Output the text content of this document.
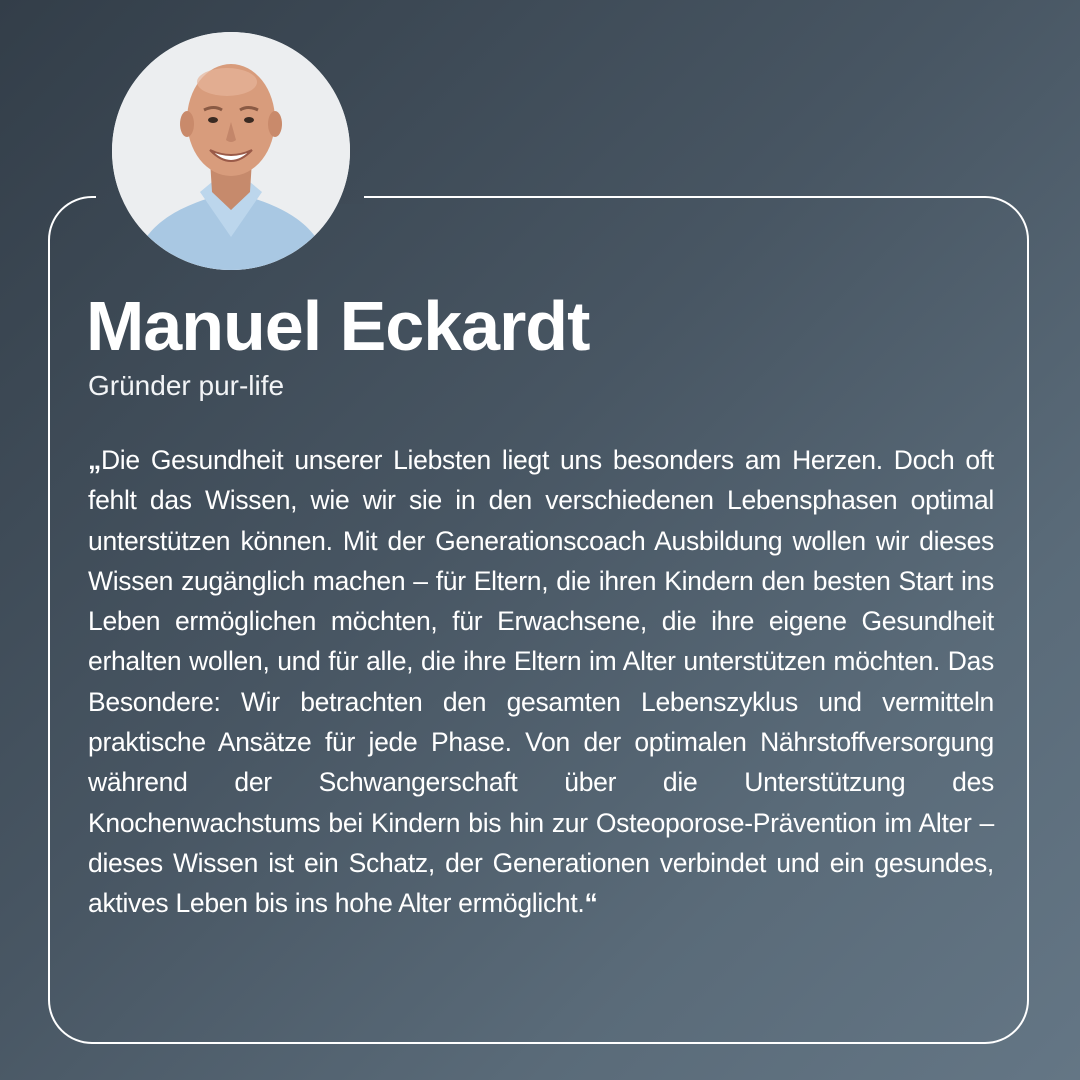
Manuel Eckardt

Gründer pur-life

„Die Gesundheit unserer Liebsten liegt uns besonders am Herzen. Doch oft fehlt das Wissen, wie wir sie in den verschiedenen Lebensphasen optimal unterstützen können. Mit der Generationscoach Ausbildung wollen wir dieses Wissen zugänglich machen – für Eltern, die ihren Kindern den besten Start ins Leben ermöglichen möchten, für Erwachsene, die ihre eigene Gesundheit erhalten wollen, und für alle, die ihre Eltern im Alter unterstützen möchten. Das Besondere: Wir betrachten den gesamten Lebenszyklus und vermitteln praktische Ansätze für jede Phase. Von der optimalen Nährstoffversorgung während der Schwangerschaft über die Unterstützung des Knochenwachstums bei Kindern bis hin zur Osteoporose-Prävention im Alter – dieses Wissen ist ein Schatz, der Generationen verbindet und ein gesundes, aktives Leben bis ins hohe Alter ermöglicht.“
